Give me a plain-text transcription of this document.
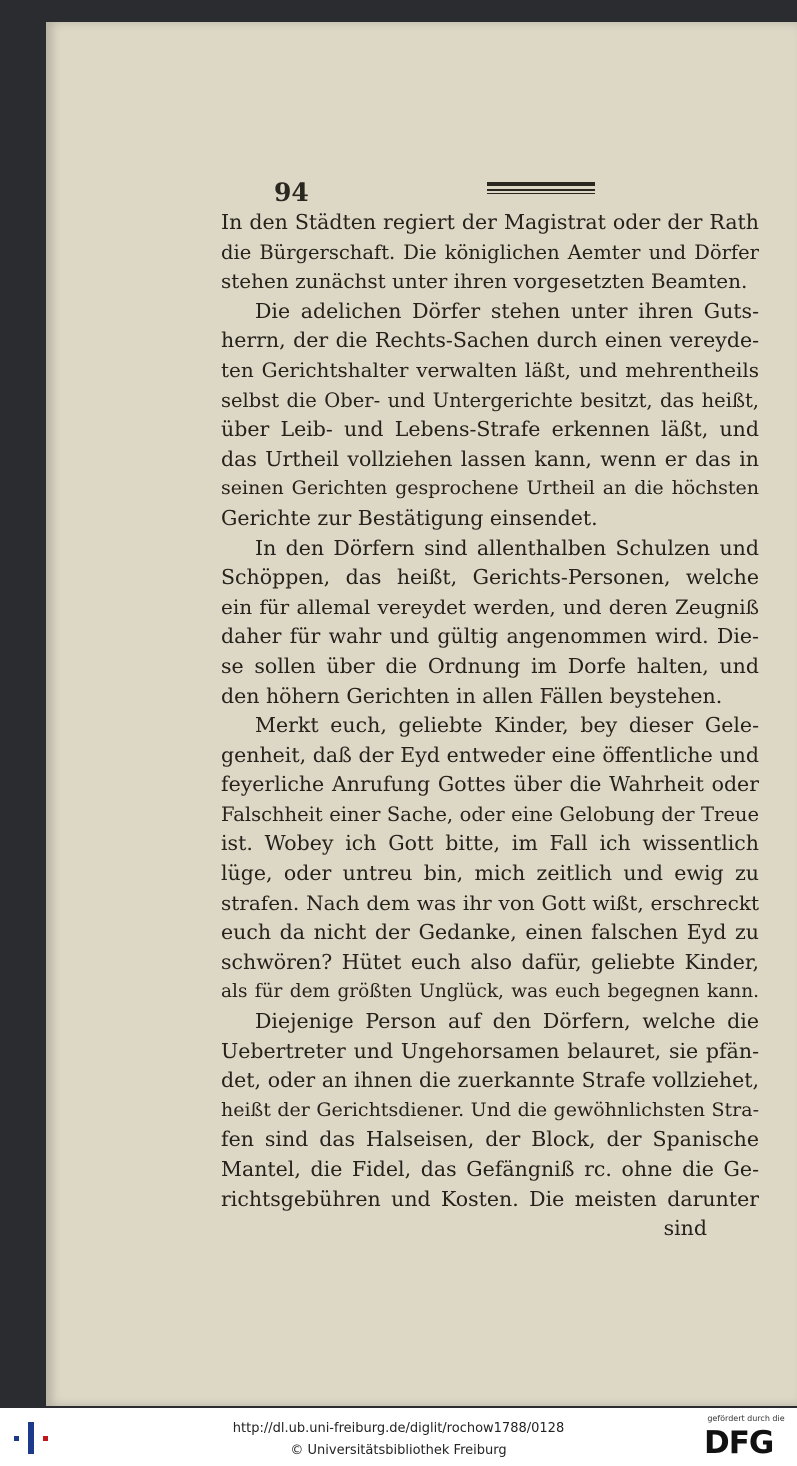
94
In den Städten regiert der Magistrat oder der Rath
die Bürgerschaft. Die königlichen Aemter und Dörfer
stehen zunächst unter ihren vorgesetzten Beamten.
Die adelichen Dörfer stehen unter ihren Guts-
herrn, der die Rechts-Sachen durch einen vereyde-
ten Gerichtshalter verwalten läßt, und mehrentheils
selbst die Ober- und Untergerichte besitzt, das heißt,
über Leib- und Lebens-Strafe erkennen läßt, und
das Urtheil vollziehen lassen kann, wenn er das in
seinen Gerichten gesprochene Urtheil an die höchsten
Gerichte zur Bestätigung einsendet.
In den Dörfern sind allenthalben Schulzen und
Schöppen, das heißt, Gerichts-Personen, welche
ein für allemal vereydet werden, und deren Zeugniß
daher für wahr und gültig angenommen wird. Die-
se sollen über die Ordnung im Dorfe halten, und
den höhern Gerichten in allen Fällen beystehen.
Merkt euch, geliebte Kinder, bey dieser Gele-
genheit, daß der Eyd entweder eine öffentliche und
feyerliche Anrufung Gottes über die Wahrheit oder
Falschheit einer Sache, oder eine Gelobung der Treue
ist. Wobey ich Gott bitte, im Fall ich wissentlich
lüge, oder untreu bin, mich zeitlich und ewig zu
strafen. Nach dem was ihr von Gott wißt, erschreckt
euch da nicht der Gedanke, einen falschen Eyd zu
schwören? Hütet euch also dafür, geliebte Kinder,
als für dem größten Unglück, was euch begegnen kann.
Diejenige Person auf den Dörfern, welche die
Uebertreter und Ungehorsamen belauret, sie pfän-
det, oder an ihnen die zuerkannte Strafe vollziehet,
heißt der Gerichtsdiener. Und die gewöhnlichsten Stra-
fen sind das Halseisen, der Block, der Spanische
Mantel, die Fidel, das Gefängniß rc. ohne die Ge-
richtsgebühren und Kosten. Die meisten darunter
sind
http://dl.ub.uni-freiburg.de/diglit/rochow1788/0128
© Universitätsbibliothek Freiburg
gefördert durch die
DFG
